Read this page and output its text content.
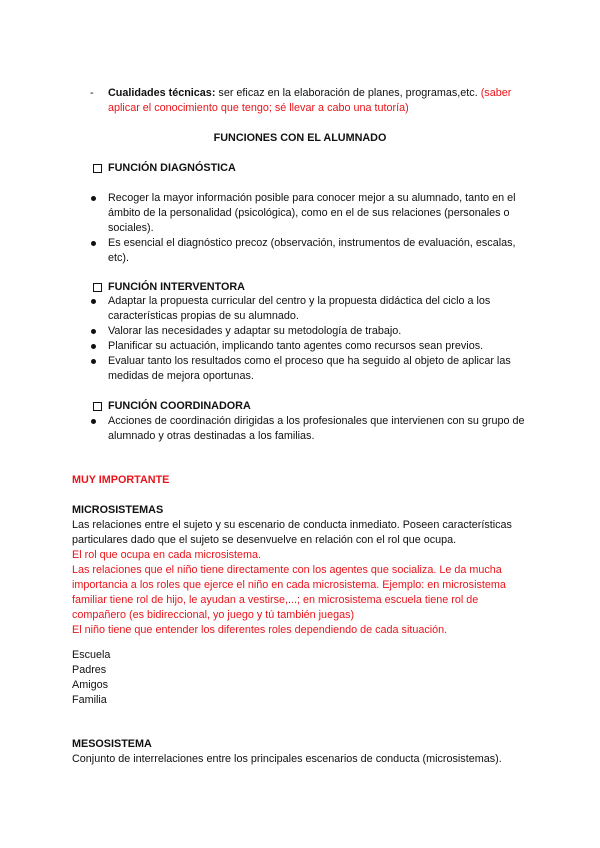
- Cualidades técnicas: ser eficaz en la elaboración de planes, programas,etc. (saber aplicar el conocimiento que tengo; sé llevar a cabo una tutoría)
FUNCIONES CON EL ALUMNADO
FUNCIÓN DIAGNÓSTICA
Recoger la mayor información posible para conocer mejor a su alumnado, tanto en el ámbito de la personalidad (psicológica), como en el de sus relaciones (personales o sociales).
Es esencial el diagnóstico precoz (observación, instrumentos de evaluación, escalas, etc).
FUNCIÓN INTERVENTORA
Adaptar la propuesta curricular del centro y la propuesta didáctica del ciclo a los características propias de su alumnado.
Valorar las necesidades y adaptar su metodología de trabajo.
Planificar su actuación, implicando tanto agentes como recursos sean previos.
Evaluar tanto los resultados como el proceso que ha seguido al objeto de aplicar las medidas de mejora oportunas.
FUNCIÓN COORDINADORA
Acciones de coordinación dirigidas a los profesionales que intervienen con su grupo de alumnado y otras destinadas a los familias.
MUY IMPORTANTE

MICROSISTEMAS

Las relaciones entre el sujeto y su escenario de conducta inmediato. Poseen características particulares dado que el sujeto se desenvuelve en relación con el rol que ocupa.

El rol que ocupa en cada microsistema.

Las relaciones que el niño tiene directamente con los agentes que socializa. Le da mucha importancia a los roles que ejerce el niño en cada microsistema. Ejemplo: en microsistema familiar tiene rol de hijo, le ayudan a vestirse,...; en microsistema escuela tiene rol de compañero (es bidireccional, yo juego y tú también juegas)

El niño tiene que entender los diferentes roles dependiendo de cada situación.

Escuela

Padres

Amigos

Familia

MESOSISTEMA

Conjunto de interrelaciones entre los principales escenarios de conducta (microsistemas).
